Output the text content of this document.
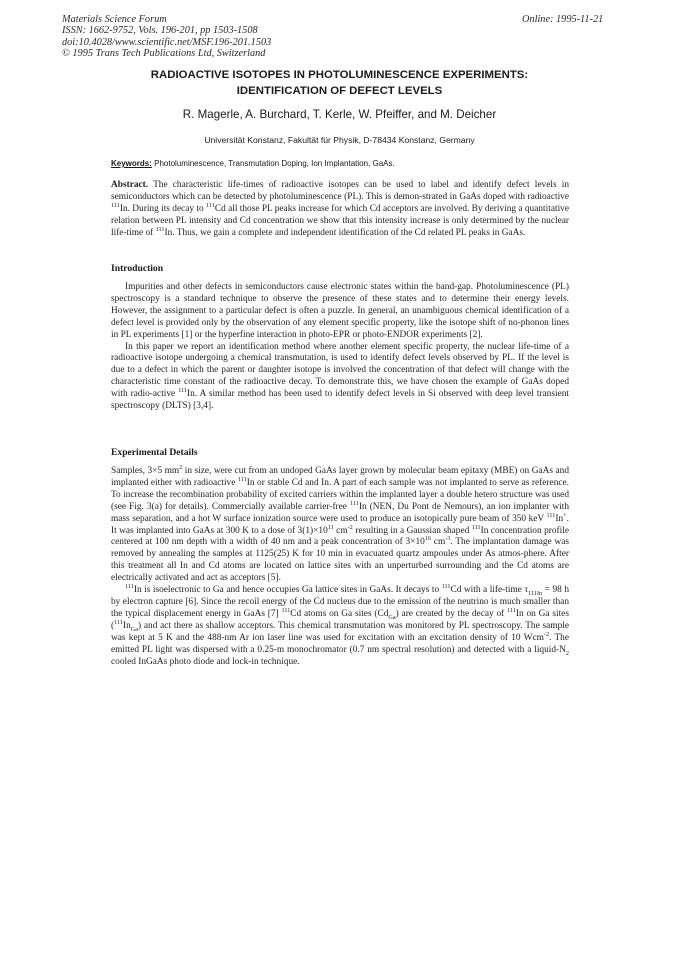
Materials Science Forum
ISSN: 1662-9752, Vols. 196-201, pp 1503-1508
doi:10.4028/www.scientific.net/MSF.196-201.1503
© 1995 Trans Tech Publications Ltd, Switzerland
Online: 1995-11-21
RADIOACTIVE ISOTOPES IN PHOTOLUMINESCENCE EXPERIMENTS:
IDENTIFICATION OF DEFECT LEVELS
R. Magerle, A. Burchard, T. Kerle, W. Pfeiffer, and M. Deicher
Universität Konstanz, Fakultät für Physik, D-78434 Konstanz, Germany
Keywords: Photoluminescence, Transmutation Doping, Ion Implantation, GaAs.

Abstract. The characteristic life-times of radioactive isotopes can be used to label and identify defect levels in semiconductors which can be detected by photoluminescence (PL). This is demon-strated in GaAs doped with radioactive $^{111}$In. During its decay to $^{111}$Cd all those PL peaks increase for which Cd acceptors are involved. By deriving a quantitative relation between PL intensity and Cd concentration we show that this intensity increase is only determined by the nuclear life-time of $^{111}$In. Thus, we gain a complete and independent identification of the Cd related PL peaks in GaAs.

Introduction

Impurities and other defects in semiconductors cause electronic states within the band-gap. Photoluminescence (PL) spectroscopy is a standard technique to observe the presence of these states and to determine their energy levels. However, the assignment to a particular defect is often a puzzle. In general, an unambiguous chemical identification of a defect level is provided only by the observation of any element specific property, like the isotope shift of no-phonon lines in PL experiments [1] or the hyperfine interaction in photo-EPR or photo-ENDOR experiments [2].

In this paper we report an identification method where another element specific property, the nuclear life-time of a radioactive isotope undergoing a chemical transmutation, is used to identify defect levels observed by PL. If the level is due to a defect in which the parent or daughter isotope is involved the concentration of that defect will change with the characteristic time constant of the radioactive decay. To demonstrate this, we have chosen the example of GaAs doped with radio-active $^{111}$In. A similar method has been used to identify defect levels in Si observed with deep level transient spectroscopy (DLTS) [3,4].

Experimental Details

Samples, 3×5 $mm^2$ in size, were cut from an undoped GaAs layer grown by molecular beam epitaxy (MBE) on GaAs and implanted either with radioactive $^{111}$In or stable Cd and In. A part of each sample was not implanted to serve as reference. To increase the recombination probability of excited carriers within the implanted layer a double hetero structure was used (see Fig. 3(a) for details). Commercially available carrier-free $^{111}$In (NEN, Du Pont de Nemours), an ion implanter with mass separation, and a hot W surface ionization source were used to produce an isotopically pure beam of 350 keV $^{111}$In+. It was implanted into GaAs at 300 K to a dose of $3(1)\times 10^{11}$ $cm^{-2}$ resulting in a Gaussian shaped $^{111}$In concentration profile centered at 100 nm depth with a width of 40 nm and a peak concentration of $3\times 10^{16}$ $cm^{-3}$. The implantation damage was removed by annealing the samples at 1125(25) K for 10 min in evacuated quartz ampoules under As atmos-phere. After this treatment all In and Cd atoms are located on lattice sites with an unperturbed surrounding and the Cd atoms are electrically activated and act as acceptors [5].

$^{111}$In is isoelectronic to Ga and hence occupies Ga lattice sites in GaAs. It decays to $^{111}$Cd with a life-time $\tau_{111In} = 98$ h by electron capture [6]. Since the recoil energy of the Cd nucleus due to the emission of the neutrino is much smaller than the typical displacement energy in GaAs [7] $^{111}$Cd atoms on Ga sites $(Cd_{Ga})$ are created by the decay of $^{111}$In on Ga sites $(^{111}In_{Ga})$ and act there as shallow acceptors. This chemical transmutation was monitored by PL spectroscopy. The sample was kept at 5 K and the 488-nm Ar ion laser line was used for excitation with an excitation density of 10 Wcm$^{-2}$. The emitted PL light was dispersed with a 0.25-m monochromator (0.7 nm spectral resolution) and detected with a liquid-$N_2$ cooled InGaAs photo diode and lock-in technique.
